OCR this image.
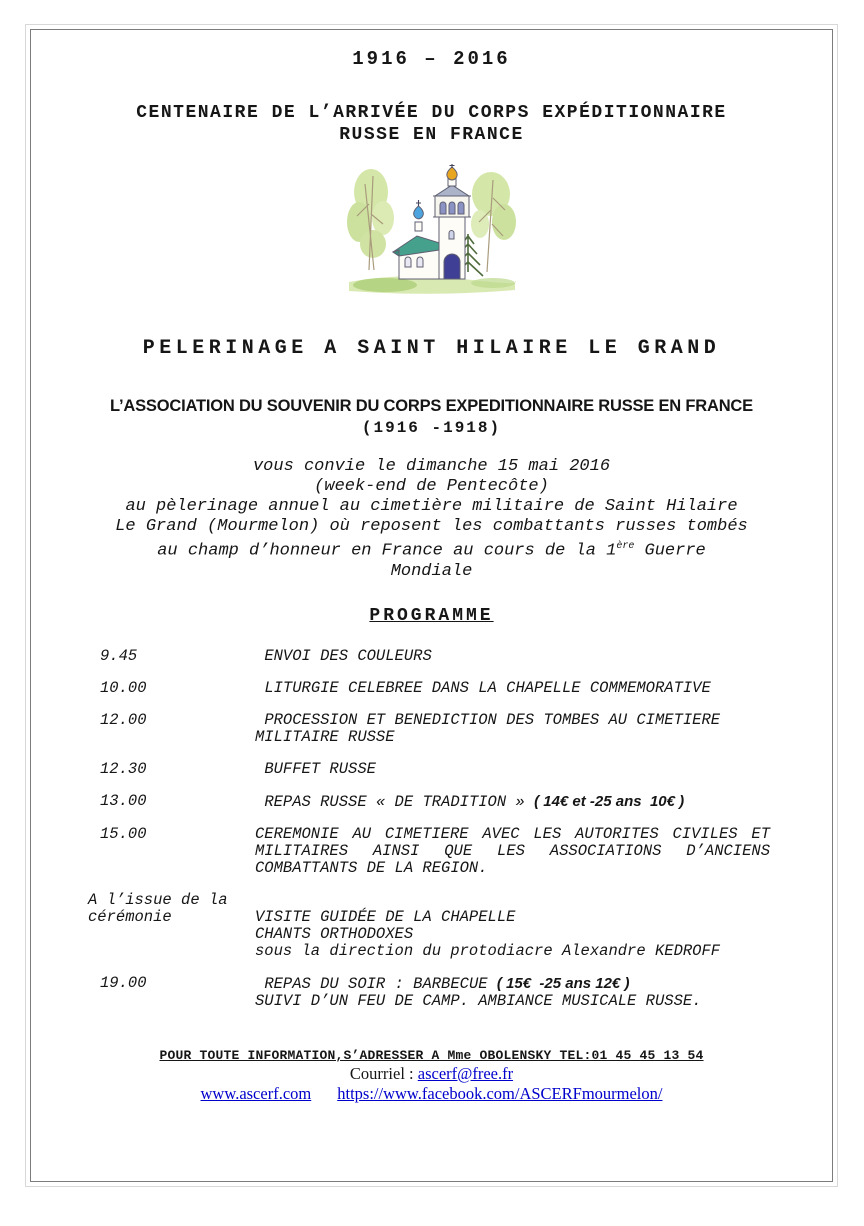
1916 – 2016
CENTENAIRE DE L’ARRIVÉE DU CORPS EXPÉDITIONNAIRE
RUSSE EN FRANCE
PELERINAGE A SAINT HILAIRE LE GRAND
L’ASSOCIATION DU SOUVENIR DU CORPS EXPEDITIONNAIRE RUSSE EN FRANCE
(1916 -1918)
vous convie le dimanche 15 mai 2016
(week-end de Pentecôte)
au pèlerinage annuel au cimetière militaire de Saint Hilaire
Le Grand (Mourmelon) où reposent les combattants russes tombés
au champ d’honneur en France au cours de la 1ère Guerre
Mondiale
PROGRAMME
9.45	ENVOI DES COULEURS
10.00	LITURGIE CELEBREE DANS LA CHAPELLE COMMEMORATIVE
12.00	PROCESSION ET BENEDICTION DES TOMBES AU CIMETIERE
MILITAIRE RUSSE
12.30	BUFFET RUSSE
13.00	REPAS RUSSE « DE TRADITION » ( 14€ et -25 ans  10€ )
15.00	CEREMONIE AU CIMETIERE AVEC LES AUTORITES CIVILES ET MILITAIRES AINSI QUE LES ASSOCIATIONS D’ANCIENS COMBATTANTS DE LA REGION.
A l’issue de la
cérémonie	VISITE GUIDÉE DE LA CHAPELLE
CHANTS ORTHODOXES
sous la direction du protodiacre Alexandre KEDROFF
19.00	REPAS DU SOIR : BARBECUE ( 15€  -25 ans 12€ )
SUIVI D’UN FEU DE CAMP. AMBIANCE MUSICALE RUSSE.
POUR TOUTE INFORMATION,S’ADRESSER A Mme OBOLENSKY TEL:01 45 45 13 54
Courriel : ascerf@free.fr
www.ascerf.com https://www.facebook.com/ASCERFmourmelon/
